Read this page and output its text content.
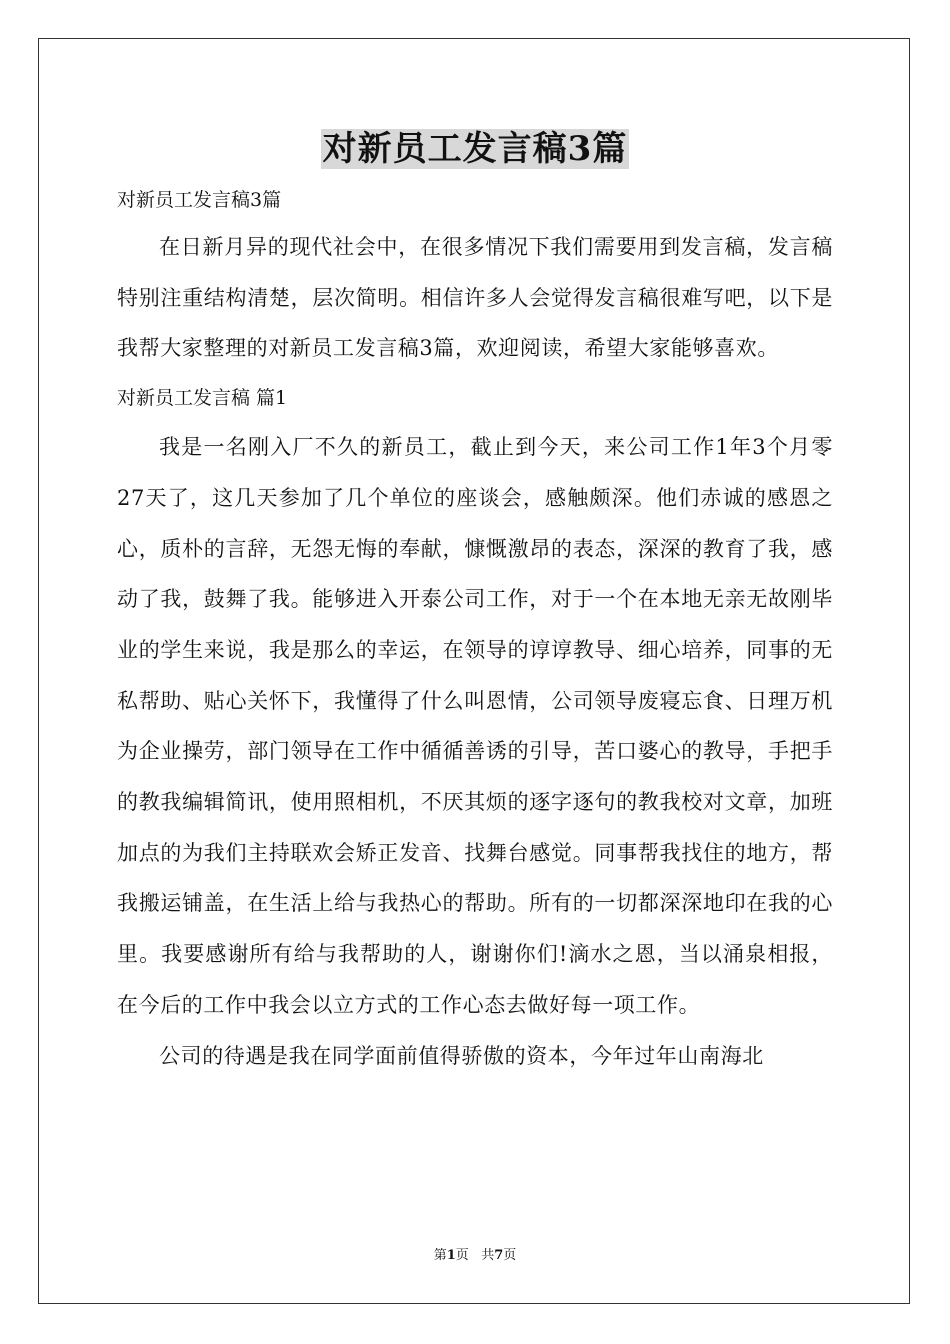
对新员工发言稿3篇

对新员工发言稿3篇

在日新月异的现代社会中，在很多情况下我们需要用到发言稿，发言稿特别注重结构清楚，层次简明。相信许多人会觉得发言稿很难写吧，以下是我帮大家整理的对新员工发言稿3篇，欢迎阅读，希望大家能够喜欢。

对新员工发言稿 篇1

我是一名刚入厂不久的新员工，截止到今天，来公司工作1年3个月零27天了，这几天参加了几个单位的座谈会，感触颇深。他们赤诚的感恩之心，质朴的言辞，无怨无悔的奉献，慷慨激昂的表态，深深的教育了我，感动了我，鼓舞了我。能够进入开泰公司工作，对于一个在本地无亲无故刚毕业的学生来说，我是那么的幸运，在领导的谆谆教导、细心培养，同事的无私帮助、贴心关怀下，我懂得了什么叫恩情，公司领导废寝忘食、日理万机为企业操劳，部门领导在工作中循循善诱的引导，苦口婆心的教导，手把手的教我编辑简讯，使用照相机，不厌其烦的逐字逐句的教我校对文章，加班加点的为我们主持联欢会矫正发音、找舞台感觉。同事帮我找住的地方，帮我搬运铺盖，在生活上给与我热心的帮助。所有的一切都深深地印在我的心里。我要感谢所有给与我帮助的人，谢谢你们!滴水之恩，当以涌泉相报，在今后的工作中我会以立方式的工作心态去做好每一项工作。

公司的待遇是我在同学面前值得骄傲的资本，今年过年山南海北

第1页 共7页
